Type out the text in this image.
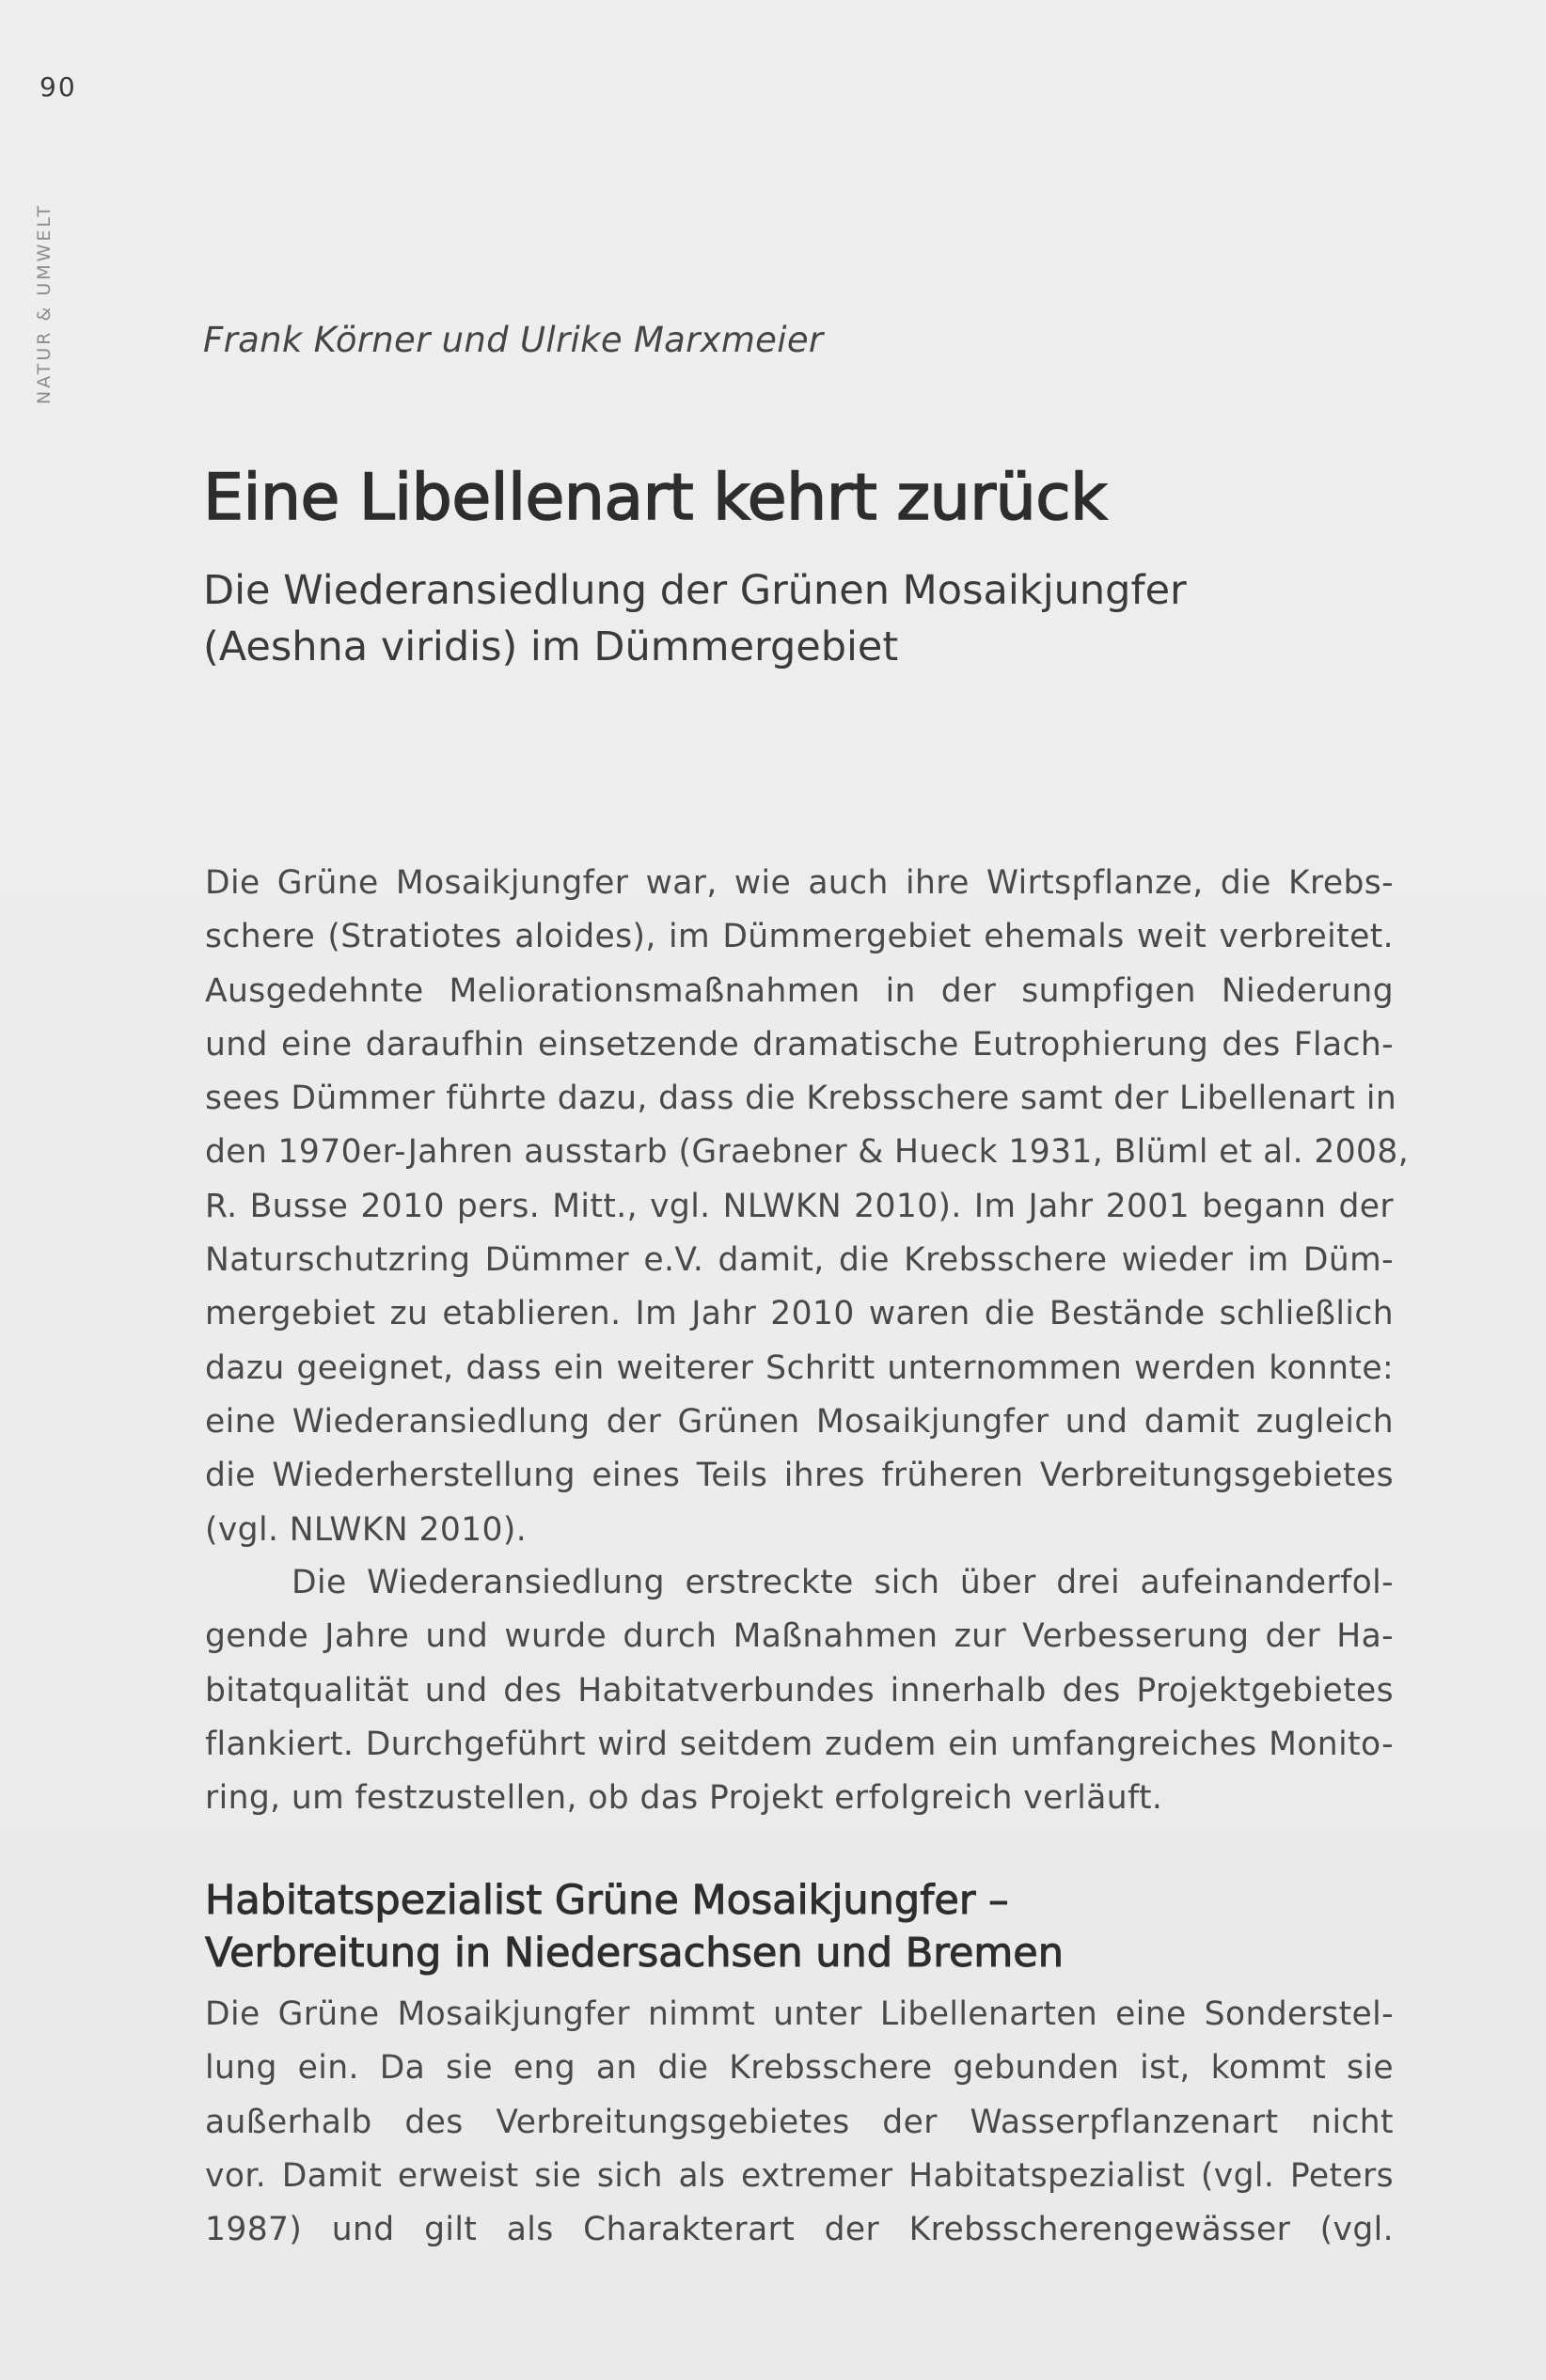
90
NATUR & UMWELT	Frank Körner und Ulrike Marxmeier
Eine Libellenart kehrt zurück
Die Wiederansiedlung der Grünen Mosaikjungfer
(Aeshna viridis) im Dümmergebiet
Die Grüne Mosaikjungfer war, wie auch ihre Wirtspflanze, die Krebs-
schere (Stratiotes aloides), im Dümmergebiet ehemals weit verbreitet.
Ausgedehnte Meliorationsmaßnahmen in der sumpfigen Niederung
und eine daraufhin einsetzende dramatische Eutrophierung des Flach-
sees Dümmer führte dazu, dass die Krebsschere samt der Libellenart in
den 1970er-Jahren ausstarb (Graebner & Hueck 1931, Blüml et al. 2008,
R. Busse 2010 pers. Mitt., vgl. NLWKN 2010). Im Jahr 2001 begann der
Naturschutzring Dümmer e.V. damit, die Krebsschere wieder im Düm-
mergebiet zu etablieren. Im Jahr 2010 waren die Bestände schließlich
dazu geeignet, dass ein weiterer Schritt unternommen werden konnte:
eine Wiederansiedlung der Grünen Mosaikjungfer und damit zugleich
die Wiederherstellung eines Teils ihres früheren Verbreitungsgebietes
(vgl. NLWKN 2010).
Die Wiederansiedlung erstreckte sich über drei aufeinanderfol-
gende Jahre und wurde durch Maßnahmen zur Verbesserung der Ha-
bitatqualität und des Habitatverbundes innerhalb des Projektgebietes
flankiert. Durchgeführt wird seitdem zudem ein umfangreiches Monito-
ring, um festzustellen, ob das Projekt erfolgreich verläuft.
Habitatspezialist Grüne Mosaikjungfer –
Verbreitung in Niedersachsen und Bremen
Die Grüne Mosaikjungfer nimmt unter Libellenarten eine Sonderstel-
lung ein. Da sie eng an die Krebsschere gebunden ist, kommt sie
außerhalb des Verbreitungsgebietes der Wasserpflanzenart nicht
vor. Damit erweist sie sich als extremer Habitatspezialist (vgl. Peters
1987) und gilt als Charakterart der Krebsscherengewässer (vgl.
